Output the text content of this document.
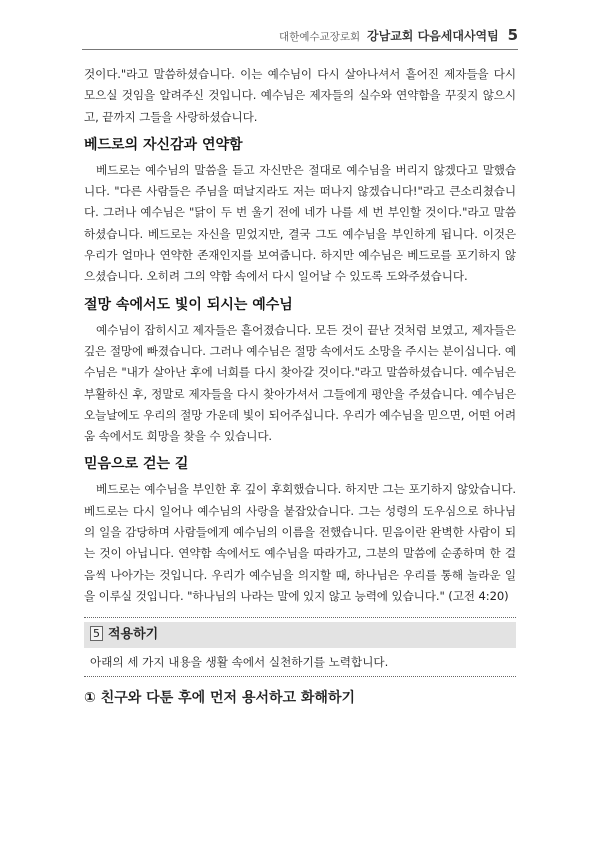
대한예수교장로회 강남교회 다음세대사역팀 5

것이다."라고 말씀하셨습니다. 이는 예수님이 다시 살아나셔서 흩어진 제자들을 다시 모으실 것임을 알려주신 것입니다. 예수님은 제자들의 실수와 연약함을 꾸짖지 않으시고, 끝까지 그들을 사랑하셨습니다.

베드로의 자신감과 연약함

베드로는 예수님의 말씀을 듣고 자신만은 절대로 예수님을 버리지 않겠다고 말했습니다. "다른 사람들은 주님을 떠날지라도 저는 떠나지 않겠습니다!"라고 큰소리쳤습니다. 그러나 예수님은 "닭이 두 번 울기 전에 네가 나를 세 번 부인할 것이다."라고 말씀하셨습니다. 베드로는 자신을 믿었지만, 결국 그도 예수님을 부인하게 됩니다. 이것은 우리가 얼마나 연약한 존재인지를 보여줍니다. 하지만 예수님은 베드로를 포기하지 않으셨습니다. 오히려 그의 약함 속에서 다시 일어날 수 있도록 도와주셨습니다.

절망 속에서도 빛이 되시는 예수님

예수님이 잡히시고 제자들은 흩어졌습니다. 모든 것이 끝난 것처럼 보였고, 제자들은 깊은 절망에 빠졌습니다. 그러나 예수님은 절망 속에서도 소망을 주시는 분이십니다. 예수님은 "내가 살아난 후에 너희를 다시 찾아갈 것이다."라고 말씀하셨습니다. 예수님은 부활하신 후, 정말로 제자들을 다시 찾아가셔서 그들에게 평안을 주셨습니다. 예수님은 오늘날에도 우리의 절망 가운데 빛이 되어주십니다. 우리가 예수님을 믿으면, 어떤 어려움 속에서도 희망을 찾을 수 있습니다.

믿음으로 걷는 길

베드로는 예수님을 부인한 후 깊이 후회했습니다. 하지만 그는 포기하지 않았습니다. 베드로는 다시 일어나 예수님의 사랑을 붙잡았습니다. 그는 성령의 도우심으로 하나님의 일을 감당하며 사람들에게 예수님의 이름을 전했습니다. 믿음이란 완벽한 사람이 되는 것이 아닙니다. 연약함 속에서도 예수님을 따라가고, 그분의 말씀에 순종하며 한 걸음씩 나아가는 것입니다. 우리가 예수님을 의지할 때, 하나님은 우리를 통해 놀라운 일을 이루실 것입니다. "하나님의 나라는 말에 있지 않고 능력에 있습니다." (고전 4:20)

5 적용하기
아래의 세 가지 내용을 생활 속에서 실천하기를 노력합니다.
① 친구와 다툰 후에 먼저 용서하고 화해하기
